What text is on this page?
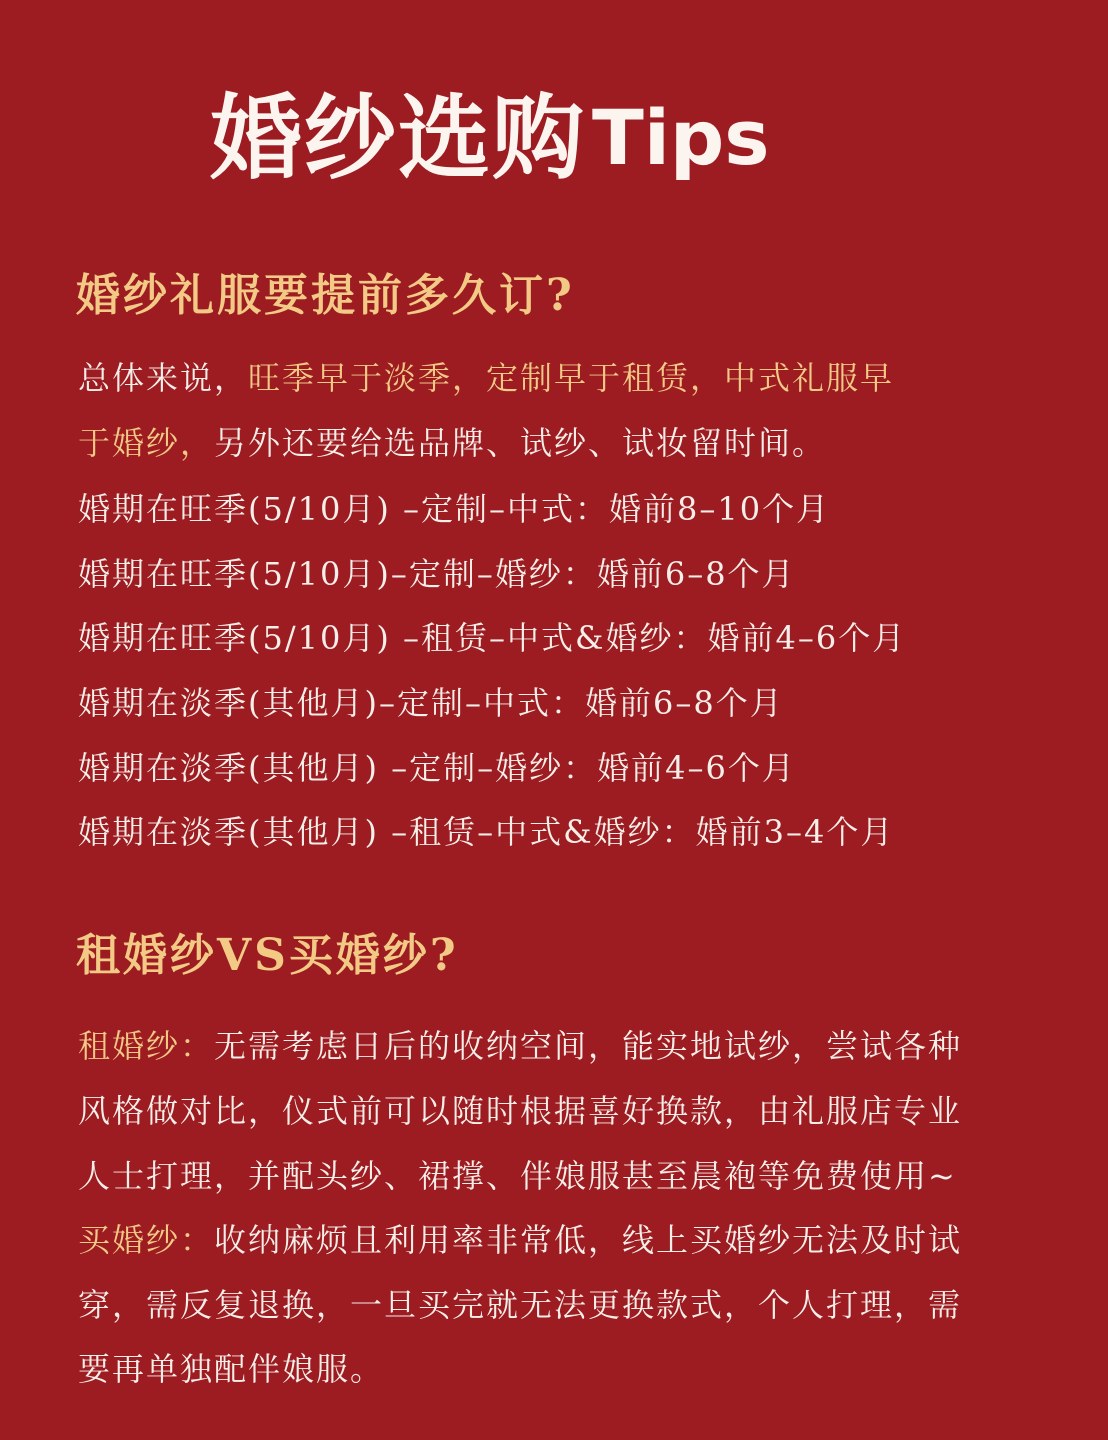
婚纱选购Tips
婚纱礼服要提前多久订?
总体来说，旺季早于淡季，定制早于租赁，中式礼服早
于婚纱，另外还要给选品牌、试纱、试妆留时间。
婚期在旺季(5/10月) –定制–中式：婚前8–10个月
婚期在旺季(5/10月)–定制–婚纱：婚前6–8个月
婚期在旺季(5/10月) –租赁–中式&婚纱：婚前4–6个月
婚期在淡季(其他月)–定制–中式：婚前6–8个月
婚期在淡季(其他月) –定制–婚纱：婚前4–6个月
婚期在淡季(其他月) –租赁–中式&婚纱：婚前3–4个月
租婚纱VS买婚纱?
租婚纱：无需考虑日后的收纳空间，能实地试纱，尝试各种
风格做对比，仪式前可以随时根据喜好换款，由礼服店专业
人士打理，并配头纱、裙撑、伴娘服甚至晨袍等免费使用~
买婚纱：收纳麻烦且利用率非常低，线上买婚纱无法及时试
穿，需反复退换，一旦买完就无法更换款式，个人打理，需
要再单独配伴娘服。
